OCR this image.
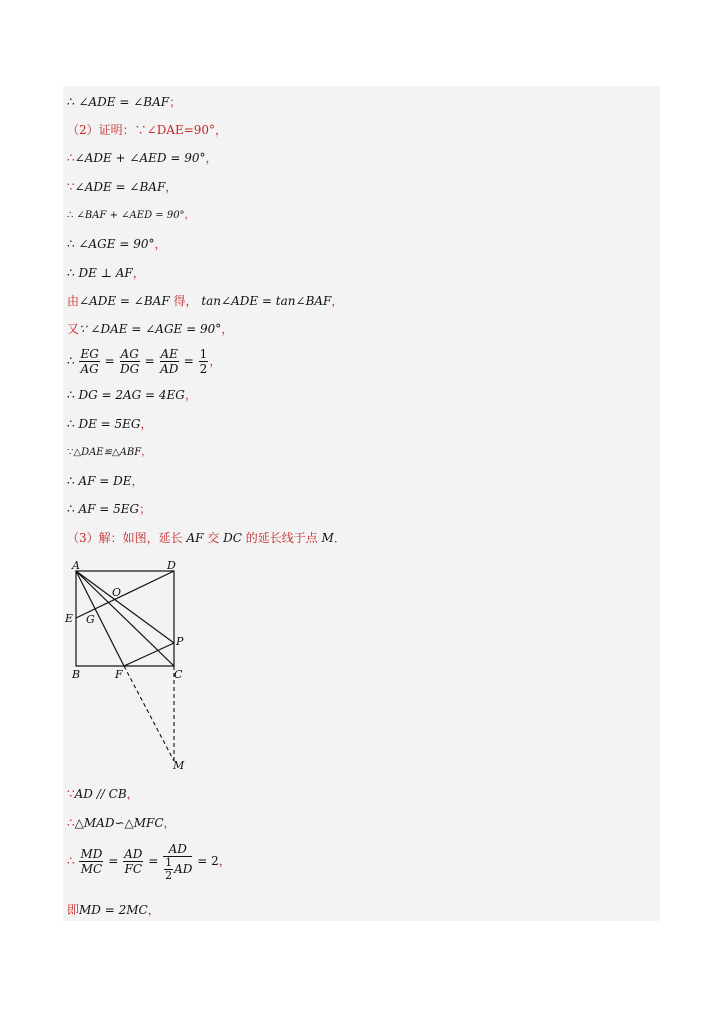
∴ ∠ADE = ∠BAF；
（2）证明：∵∠DAE=90°，
∴∠ADE + ∠AED = 90°，
∵∠ADE = ∠BAF，
∴ ∠BAF + ∠AED = 90°，
∴ ∠AGE = 90°，
∴ DE ⊥ AF，
由∠ADE = ∠BAF 得， tan∠ADE = tan∠BAF，
又∵ ∠DAE = ∠AGE = 90°，
∴ $\frac{EG}{AG} = \frac{AG}{DG} = \frac{AE}{AD} = \frac{1}{2}$ ，
∴ DG = 2AG = 4EG，
∴ DE = 5EG，
∵△DAE≌△ABF，
∴ AF = DE，
∴ AF = 5EG；
（3）解：如图，延长 AF 交 DC 的延长线于点 M．
A	D
O
E G
P
B	F	C
M
∵AD // CB，
∴△MAD∽△MFC，
∴ $\frac{MD}{MC} = \frac{AD}{FC} = \frac{AD}{\frac{1}{2} AD} = 2$，
即MD = 2MC，
